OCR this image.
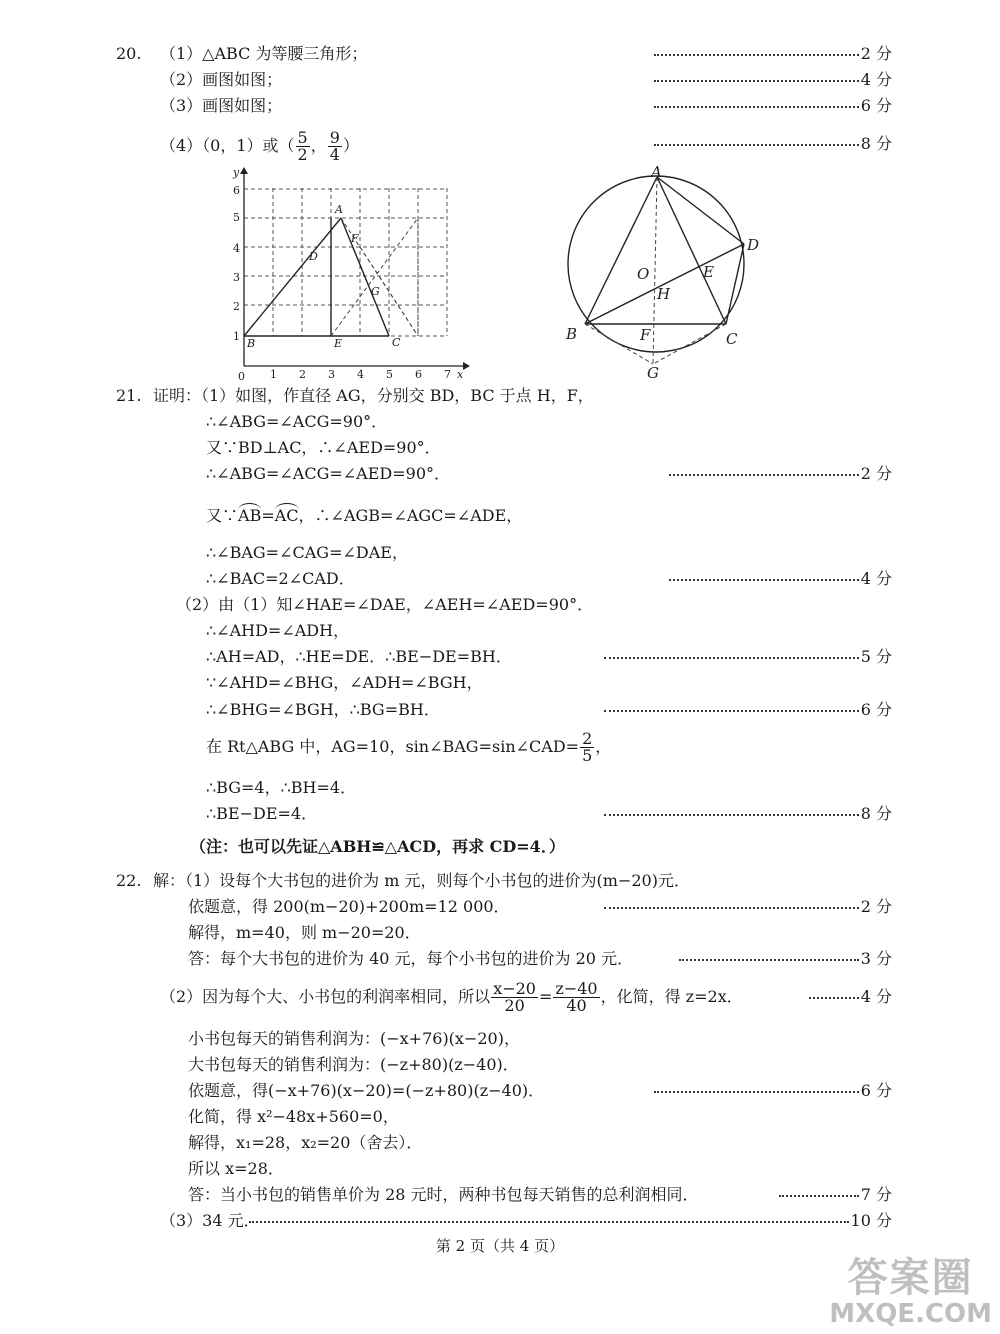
20. （1）△ABC 为等腰三角形；	2 分
（2）画图如图；	4 分
（3）画图如图；	6 分
（4）（0，1）或（ $\frac{5}{2}$ ， $\frac{9}{4}$ ）	8 分
0 1 2 3 4 5 6 7
1
2
3
4
5
6
x
y
A
B	C
D
E
F
G
A
B	C
D
E
F
G
H
O
21. 证明：（1）如图，作直径 AG，分别交 BD，BC 于点 H，F，
∴∠ABG=∠ACG=90°．
又∵BD⊥AC，∴∠AED=90°．
∴∠ABG=∠ACG=∠AED=90°．	2 分
又∵AB=AC，∴∠AGB=∠AGC=∠ADE，
∴∠BAG=∠CAG=∠DAE，
∴∠BAC=2∠CAD．	4 分
（2）由（1）知∠HAE=∠DAE，∠AEH=∠AED=90°．
∴∠AHD=∠ADH，
∴AH=AD，∴HE=DE．∴BE−DE=BH．	5 分
∵∠AHD=∠BHG，∠ADH=∠BGH，
∴∠BHG=∠BGH，∴BG=BH．	6 分
在 Rt△ABG 中，AG=10，sin∠BAG=sin∠CAD= $\frac{2}{5}$ ，
∴BG=4，∴BH=4．
∴BE−DE=4．	8 分
（注：也可以先证△ABH≌△ACD，再求 CD=4．）
22. 解：（1）设每个大书包的进价为 m 元，则每个小书包的进价为(m−20)元．
依题意，得 200(m−20)+200m=12 000．	2 分
解得，m=40，则 m−20=20．
答：每个大书包的进价为 40 元，每个小书包的进价为 20 元．	3 分
（2）因为每个大、小书包的利润率相同，所以 $\frac{x-20}{20} = \frac{z-40}{40}$ ，化简，得 z=2x．	4 分
小书包每天的销售利润为：(−x+76)(x−20)，
大书包每天的销售利润为：(−z+80)(z−40)．
依题意，得(−x+76)(x−20)=(−z+80)(z−40)．	6 分
化简，得 x²−48x+560=0，
解得，x₁=28，x₂=20（舍去）．
所以 x=28．
答：当小书包的销售单价为 28 元时，两种书包每天销售的总利润相同．	7 分
（3）34 元．	10 分
第 2 页（共 4 页）
答案圈
MXQE.COM
